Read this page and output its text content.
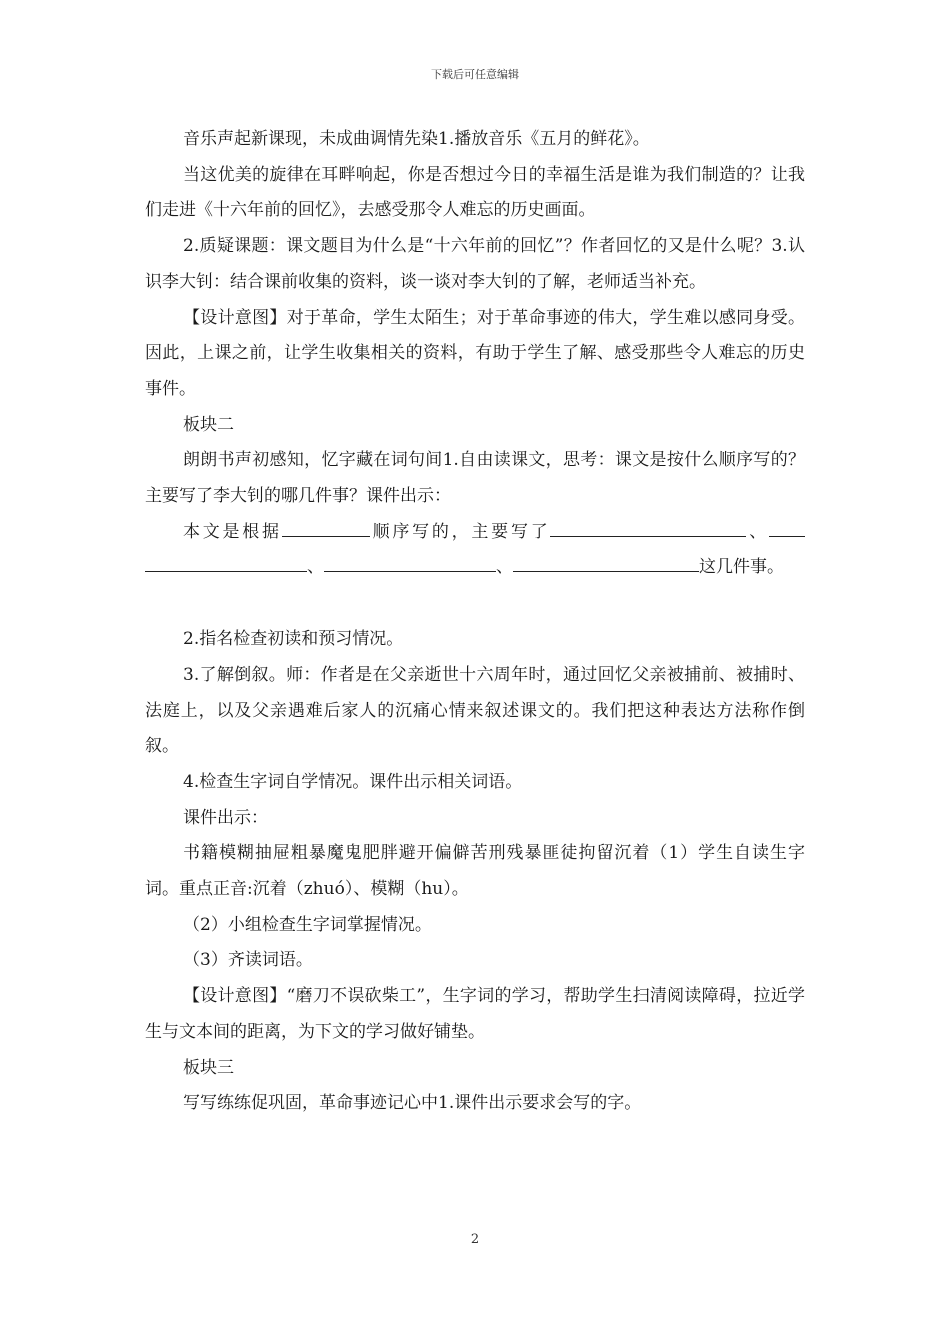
下载后可任意编辑

音乐声起新课现，未成曲调情先染1.播放音乐《五月的鲜花》。

当这优美的旋律在耳畔响起，你是否想过今日的幸福生活是谁为我们制造的？让我们走进《十六年前的回忆》，去感受那令人难忘的历史画面。

2.质疑课题：课文题目为什么是“十六年前的回忆”？作者回忆的又是什么呢？3.认识李大钊：结合课前收集的资料，谈一谈对李大钊的了解，老师适当补充。

【设计意图】对于革命，学生太陌生；对于革命事迹的伟大，学生难以感同身受。因此，上课之前，让学生收集相关的资料，有助于学生了解、感受那些令人难忘的历史事件。

板块二

朗朗书声初感知，忆字藏在词句间1.自由读课文，思考：课文是按什么顺序写的？主要写了李大钊的哪几件事？课件出示：

本文是根据	顺序写的，主要写了	、、	、	这几件事。

2.指名检查初读和预习情况。

3.了解倒叙。师：作者是在父亲逝世十六周年时，通过回忆父亲被捕前、被捕时、法庭上，以及父亲遇难后家人的沉痛心情来叙述课文的。我们把这种表达方法称作倒叙。

4.检查生字词自学情况。课件出示相关词语。

课件出示：

书籍模糊抽屉粗暴魔鬼肥胖避开偏僻苦刑残暴匪徒拘留沉着（1）学生自读生字词。重点正音:沉着（zhuó）、模糊（hu）。

（2）小组检查生字词掌握情况。

（3）齐读词语。

【设计意图】“磨刀不误砍柴工”，生字词的学习，帮助学生扫清阅读障碍，拉近学生与文本间的距离，为下文的学习做好铺垫。

板块三

写写练练促巩固，革命事迹记心中1.课件出示要求会写的字。

2
